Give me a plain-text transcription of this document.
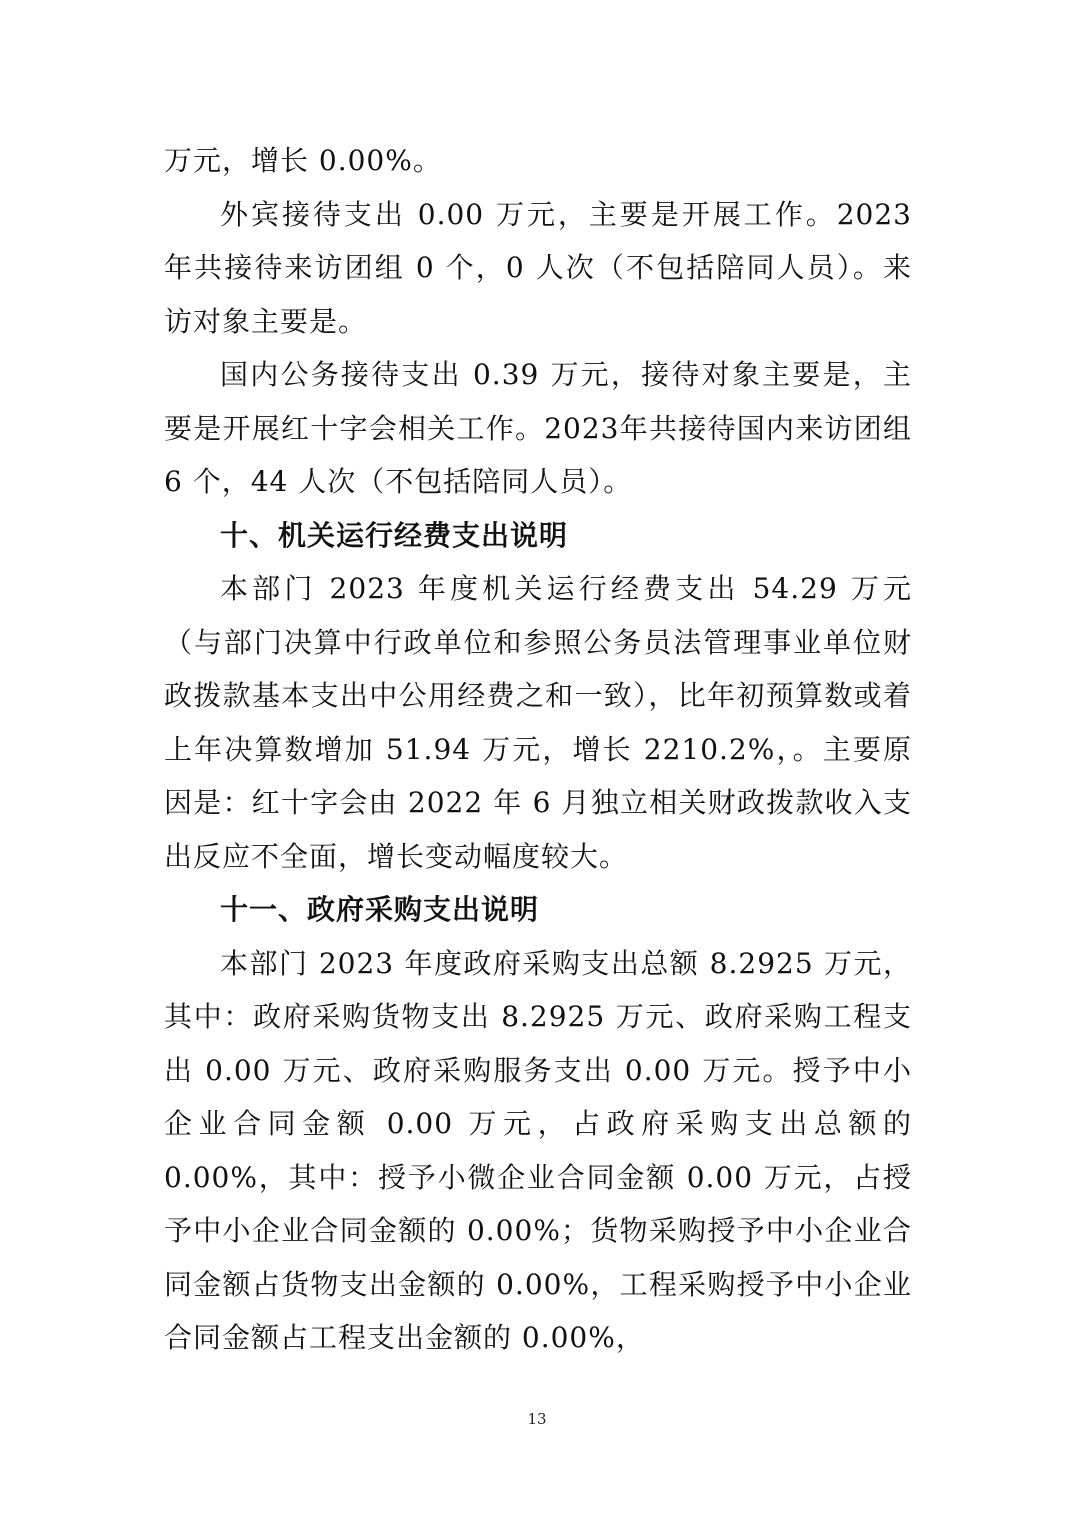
万元，增长 0.00%。

外宾接待支出 0.00 万元，主要是开展工作。2023 年共接待来访团组 0 个，0 人次（不包括陪同人员）。来访对象主要是。

国内公务接待支出 0.39 万元，接待对象主要是，主要是开展红十字会相关工作。2023年共接待国内来访团组 6 个，44 人次（不包括陪同人员）。

十、机关运行经费支出说明

本部门 2023 年度机关运行经费支出 54.29 万元（与部门决算中行政单位和参照公务员法管理事业单位财政拨款基本支出中公用经费之和一致），比年初预算数或着上年决算数增加 51.94 万元，增长 2210.2%，。主要原因是：红十字会由 2022 年 6 月独立相关财政拨款收入支出反应不全面，增长变动幅度较大。

十一、政府采购支出说明

本部门 2023 年度政府采购支出总额 8.2925 万元，其中：政府采购货物支出 8.2925 万元、政府采购工程支出 0.00 万元、政府采购服务支出 0.00 万元。授予中小企业合同金额 0.00 万元，占政府采购支出总额的 0.00%，其中：授予小微企业合同金额 0.00 万元，占授予中小企业合同金额的 0.00%；货物采购授予中小企业合同金额占货物支出金额的 0.00%，工程采购授予中小企业合同金额占工程支出金额的 0.00%，

13
